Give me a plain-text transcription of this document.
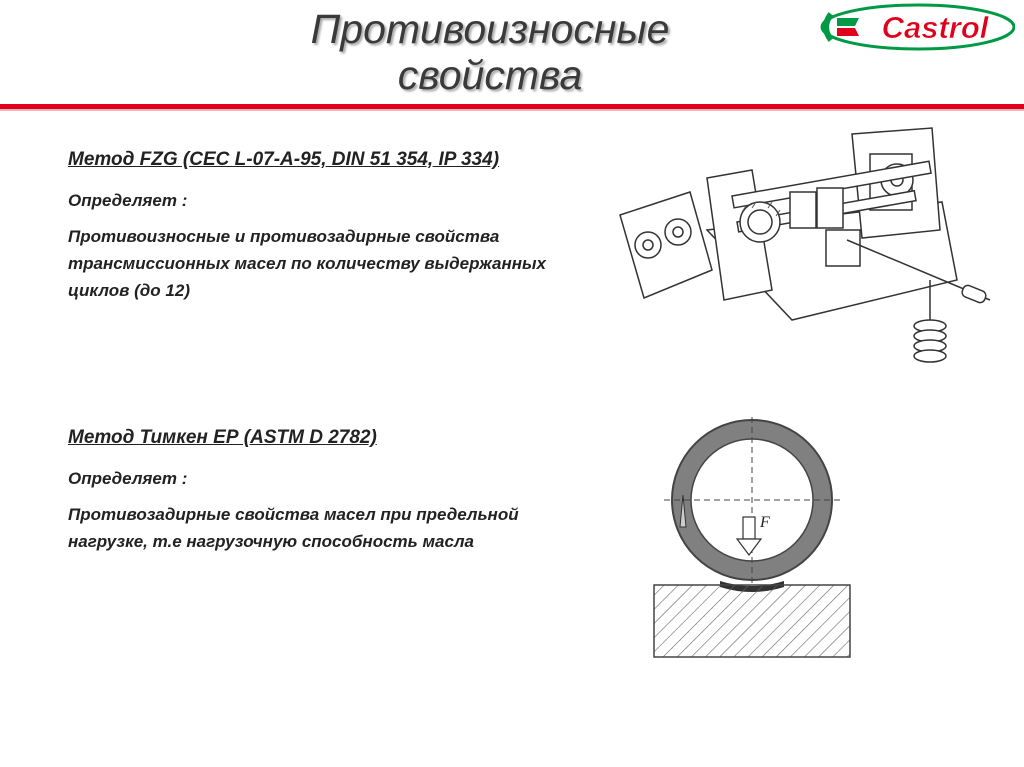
Противоизносные
свойства
Castrol
Метод FZG (CEC L-07-A-95, DIN 51 354, IP 334)
Определяет :
Противоизносные и противозадирные свойства трансмиссионных масел по количеству выдержанных циклов (до 12)
Метод Тимкен ЕР (ASTM D 2782)
Определяет :
Противозадирные свойства масел при предельной нагрузке, т.е нагрузочную способность масла
F
